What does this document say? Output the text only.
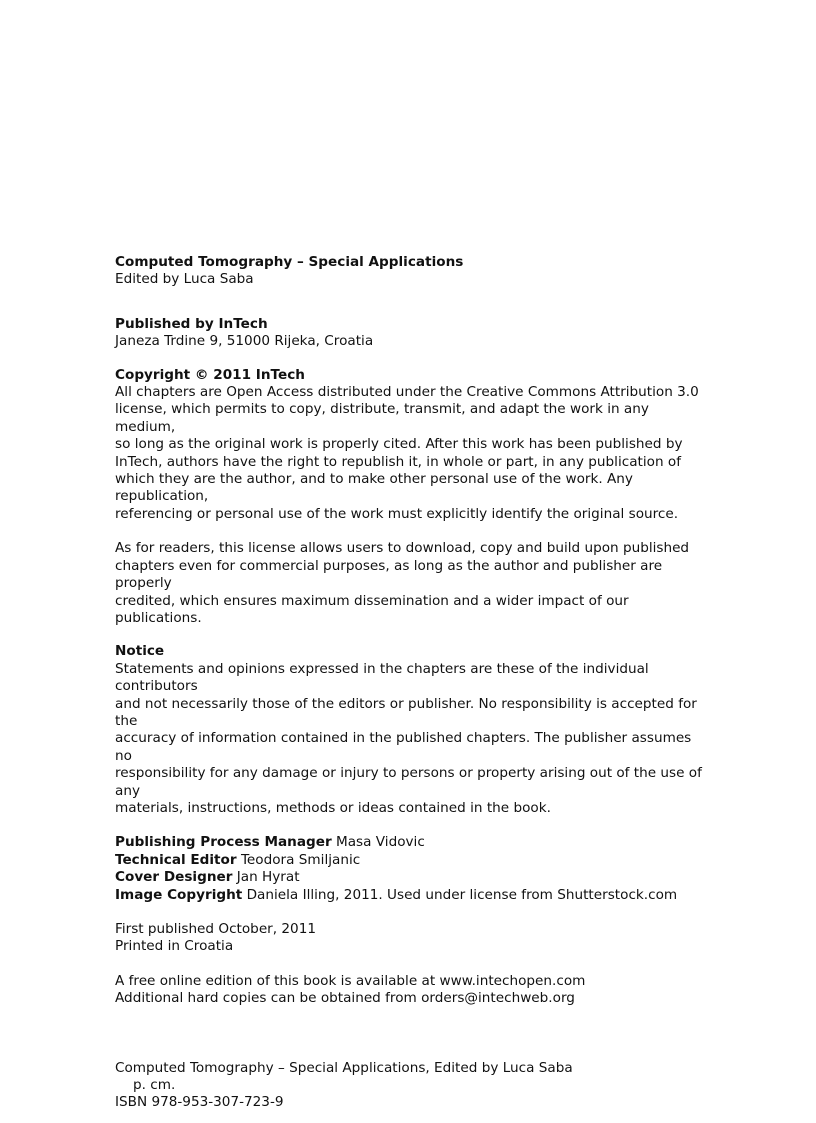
Computed Tomography – Special Applications

Edited by Luca Saba

Published by InTech

Janeza Trdine 9, 51000 Rijeka, Croatia

Copyright © 2011 InTech

All chapters are Open Access distributed under the Creative Commons Attribution 3.0

license, which permits to copy, distribute, transmit, and adapt the work in any medium,

so long as the original work is properly cited. After this work has been published by

InTech, authors have the right to republish it, in whole or part, in any publication of

which they are the author, and to make other personal use of the work. Any republication,

referencing or personal use of the work must explicitly identify the original source.

As for readers, this license allows users to download, copy and build upon published

chapters even for commercial purposes, as long as the author and publisher are properly

credited, which ensures maximum dissemination and a wider impact of our publications.

Notice

Statements and opinions expressed in the chapters are these of the individual contributors

and not necessarily those of the editors or publisher. No responsibility is accepted for the

accuracy of information contained in the published chapters. The publisher assumes no

responsibility for any damage or injury to persons or property arising out of the use of any

materials, instructions, methods or ideas contained in the book.

Publishing Process Manager Masa Vidovic

Technical Editor Teodora Smiljanic

Cover Designer Jan Hyrat

Image Copyright Daniela Illing, 2011. Used under license from Shutterstock.com

First published October, 2011

Printed in Croatia

A free online edition of this book is available at www.intechopen.com

Additional hard copies can be obtained from orders@intechweb.org

Computed Tomography – Special Applications, Edited by Luca Saba

p. cm.

ISBN 978-953-307-723-9
